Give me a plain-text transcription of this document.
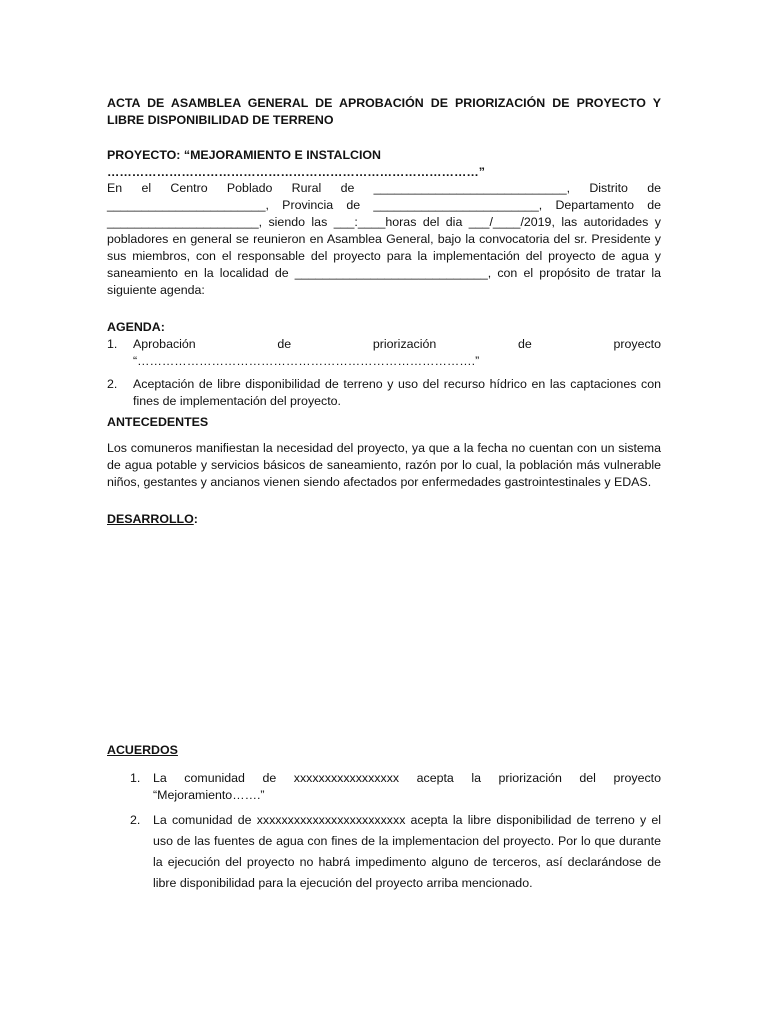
ACTA DE ASAMBLEA GENERAL DE APROBACIÓN DE PRIORIZACIÓN DE PROYECTO Y LIBRE DISPONIBILIDAD DE TERRENO

PROYECTO: “MEJORAMIENTO E INSTALCION ………………………………………………………………………………”

En el Centro Poblado Rural de ____________________________, Distrito de
_______________________, Provincia de ________________________, Departamento de
______________________, siendo las ___:____horas del dia ___/____/2019, las autoridades y
pobladores en general se reunieron en Asamblea General, bajo la convocatoria del sr. Presidente y
sus miembros, con el responsable del proyecto para la implementación del proyecto de agua y
saneamiento en la localidad de ____________________________, con el propósito de tratar la
siguiente agenda:

AGENDA:

1. Aprobación de priorización de proyecto
“……………………………………………………………………….”
2. Aceptación de libre disponibilidad de terreno y uso del recurso hídrico en las captaciones con
fines de implementación del proyecto.

ANTECEDENTES

Los comuneros manifiestan la necesidad del proyecto, ya que a la fecha no cuentan con un sistema de agua potable y servicios básicos de saneamiento, razón por lo cual, la población más vulnerable niños, gestantes y ancianos vienen siendo afectados por enfermedades gastrointestinales y EDAS.

DESARROLLO:

ACUERDOS

1. La comunidad de xxxxxxxxxxxxxxxxx acepta la priorización del proyecto
“Mejoramiento…….”
2. La comunidad de xxxxxxxxxxxxxxxxxxxxxxxx acepta la libre disponibilidad de terreno y el uso de las fuentes de agua con fines de la implementacion del proyecto. Por lo que durante la ejecución del proyecto no habrá impedimento alguno de terceros, así declarándose de libre disponibilidad para la ejecución del proyecto arriba mencionado.
